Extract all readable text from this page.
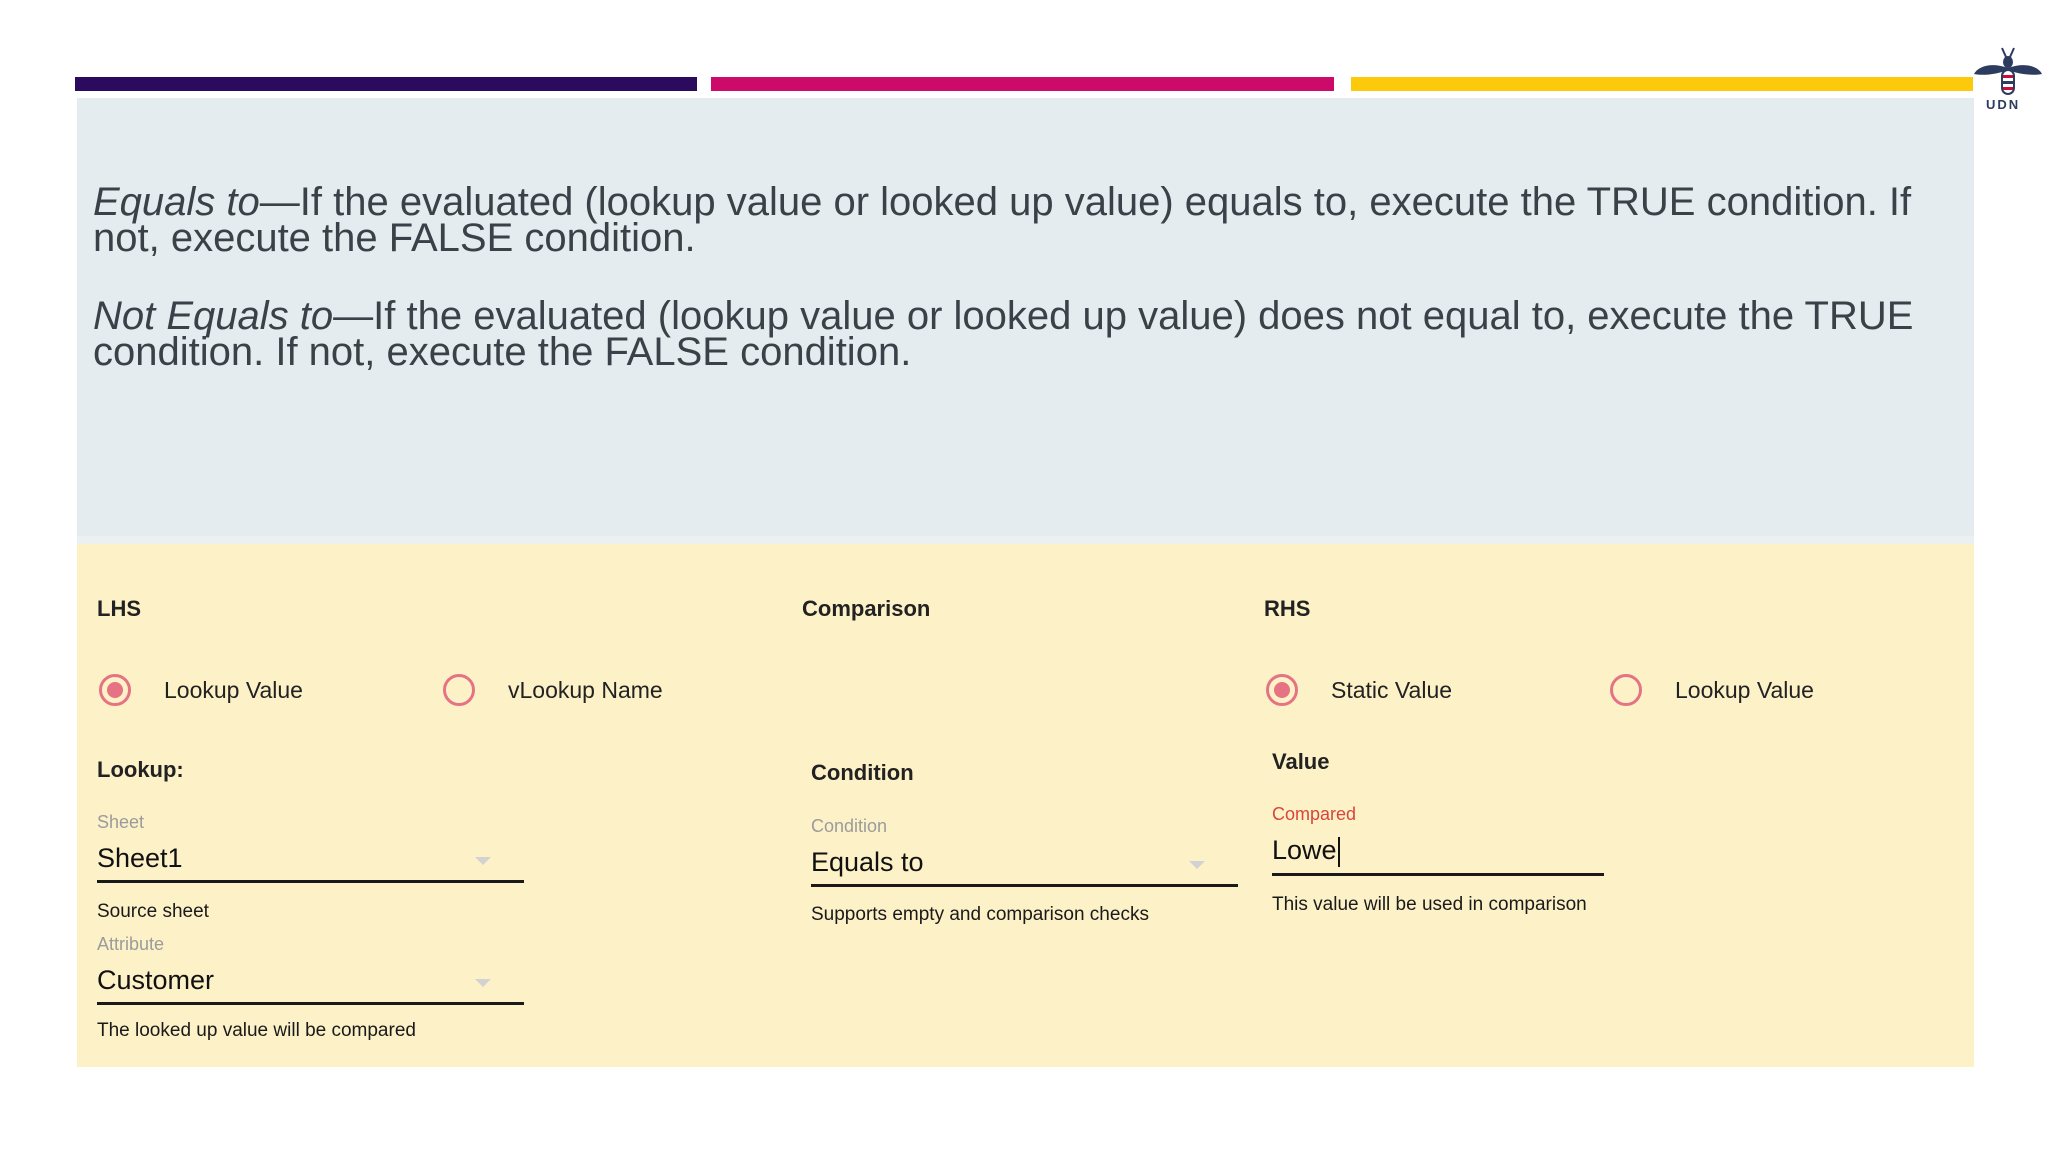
UDN
Equals to—If the evaluated (lookup value or looked up value) equals to, execute the TRUE condition. If not, execute the FALSE condition.
Not Equals to—If the evaluated (lookup value or looked up value) does not equal to, execute the TRUE condition. If not, execute the FALSE condition.
LHS
Lookup Value	vLookup Name
Lookup:
Sheet
Sheet1
Source sheet
Attribute
Customer
The looked up value will be compared
Comparison
Condition
Condition
Equals to
Supports empty and comparison checks
RHS
Static Value	Lookup Value
Value
Compared
Lowe
This value will be used in comparison
